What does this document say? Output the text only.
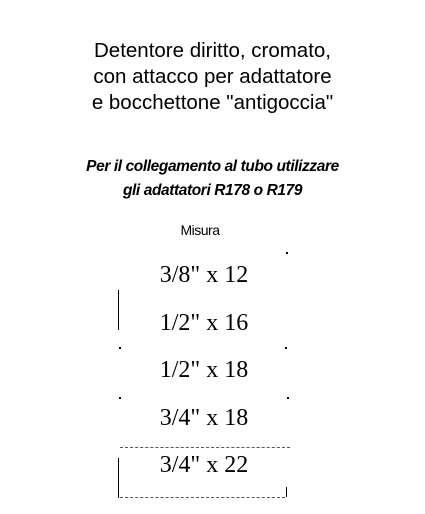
Detentore diritto, cromato,
con attacco per adattatore
e bocchettone "antigoccia"
Per il collegamento al tubo utilizzare
gli adattatori R178 o R179
Misura
3/8" x 12
1/2" x 16
1/2" x 18
3/4" x 18
3/4" x 22
